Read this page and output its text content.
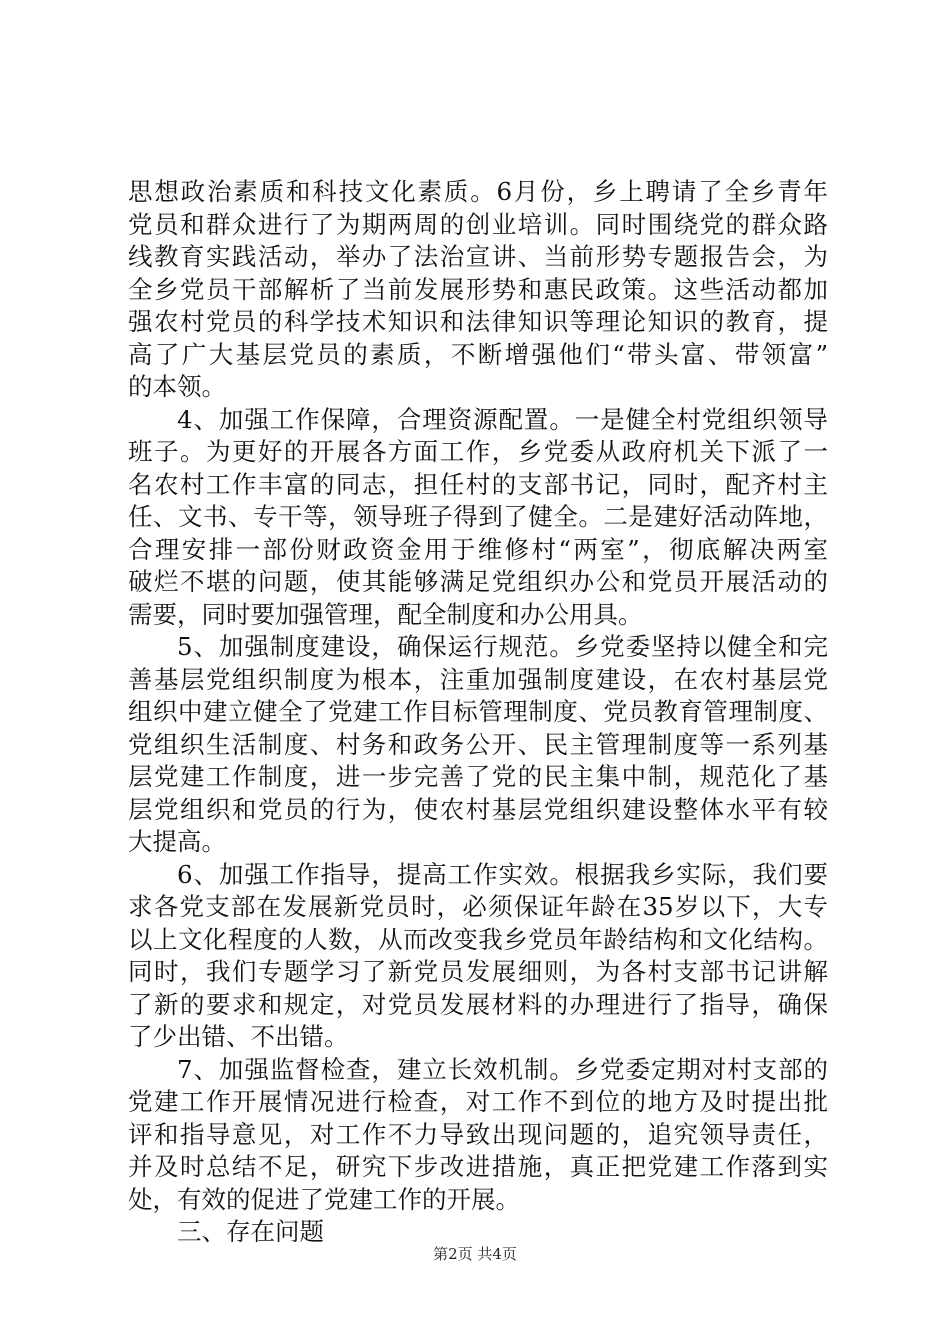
思想政治素质和科技文化素质。6月份，乡上聘请了全乡青年
党员和群众进行了为期两周的创业培训。同时围绕党的群众路
线教育实践活动，举办了法治宣讲、当前形势专题报告会，为
全乡党员干部解析了当前发展形势和惠民政策。这些活动都加
强农村党员的科学技术知识和法律知识等理论知识的教育，提
高了广大基层党员的素质，不断增强他们“带头富、带领富”
的本领。
4、加强工作保障，合理资源配置。一是健全村党组织领导
班子。为更好的开展各方面工作，乡党委从政府机关下派了一
名农村工作丰富的同志，担任村的支部书记，同时，配齐村主
任、文书、专干等，领导班子得到了健全。二是建好活动阵地，
合理安排一部份财政资金用于维修村“两室”，彻底解决两室
破烂不堪的问题，使其能够满足党组织办公和党员开展活动的
需要，同时要加强管理，配全制度和办公用具。
5、加强制度建设，确保运行规范。乡党委坚持以健全和完
善基层党组织制度为根本，注重加强制度建设，在农村基层党
组织中建立健全了党建工作目标管理制度、党员教育管理制度、
党组织生活制度、村务和政务公开、民主管理制度等一系列基
层党建工作制度，进一步完善了党的民主集中制，规范化了基
层党组织和党员的行为，使农村基层党组织建设整体水平有较
大提高。
6、加强工作指导，提高工作实效。根据我乡实际，我们要
求各党支部在发展新党员时，必须保证年龄在35岁以下，大专
以上文化程度的人数，从而改变我乡党员年龄结构和文化结构。
同时，我们专题学习了新党员发展细则，为各村支部书记讲解
了新的要求和规定，对党员发展材料的办理进行了指导，确保
了少出错、不出错。
7、加强监督检查，建立长效机制。乡党委定期对村支部的
党建工作开展情况进行检查，对工作不到位的地方及时提出批
评和指导意见，对工作不力导致出现问题的，追究领导责任，
并及时总结不足，研究下步改进措施，真正把党建工作落到实
处，有效的促进了党建工作的开展。
三、存在问题
第2页 共4页
